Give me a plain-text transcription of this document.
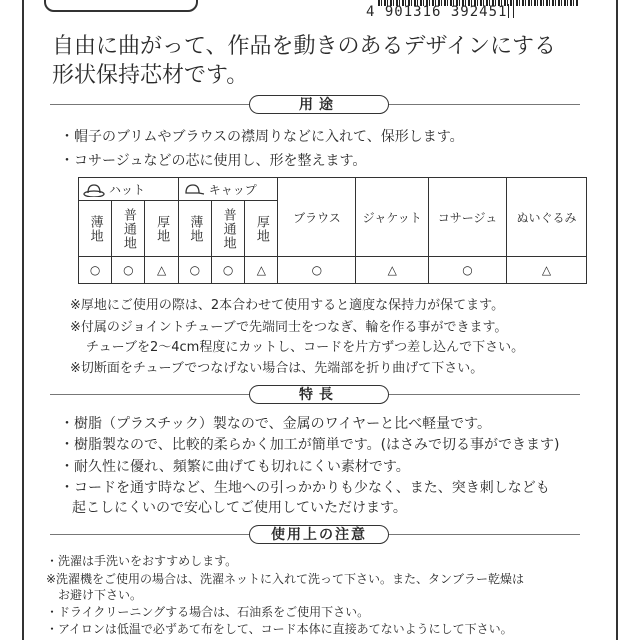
4 901316 392451
自由に曲がって、作品を動きのあるデザインにする
形状保持芯材です。
用途
・帽子のブリムやブラウスの襟周りなどに入れて、保形します。
・コサージュなどの芯に使用し、形を整えます。
ハット			キャップ			ブラウス	ジャケット	コサージュ	ぬいぐるみ

薄地	普通地	厚地	薄地	普通地	厚地				

○	○	△	○	○	△	○	△	○	△
※厚地にご使用の際は、2本合わせて使用すると適度な保持力が保てます。
※付属のジョイントチューブで先端同士をつなぎ、輪を作る事ができます。
チューブを2～4cm程度にカットし、コードを片方ずつ差し込んで下さい。
※切断面をチューブでつなげない場合は、先端部を折り曲げて下さい。
特長
・樹脂（プラスチック）製なので、金属のワイヤーと比べ軽量です。
・樹脂製なので、比較的柔らかく加工が簡単です。(はさみで切る事ができます)
・耐久性に優れ、頻繁に曲げても切れにくい素材です。
・コードを通す時など、生地への引っかかりも少なく、また、突き刺しなども
起こしにくいので安心してご使用していただけます。
使用上の注意
・洗濯は手洗いをおすすめします。
※洗濯機をご使用の場合は、洗濯ネットに入れて洗って下さい。また、タンブラー乾燥は
お避け下さい。
・ドライクリーニングする場合は、石油系をご使用下さい。
・アイロンは低温で必ずあて布をして、コード本体に直接あてないようにして下さい。
